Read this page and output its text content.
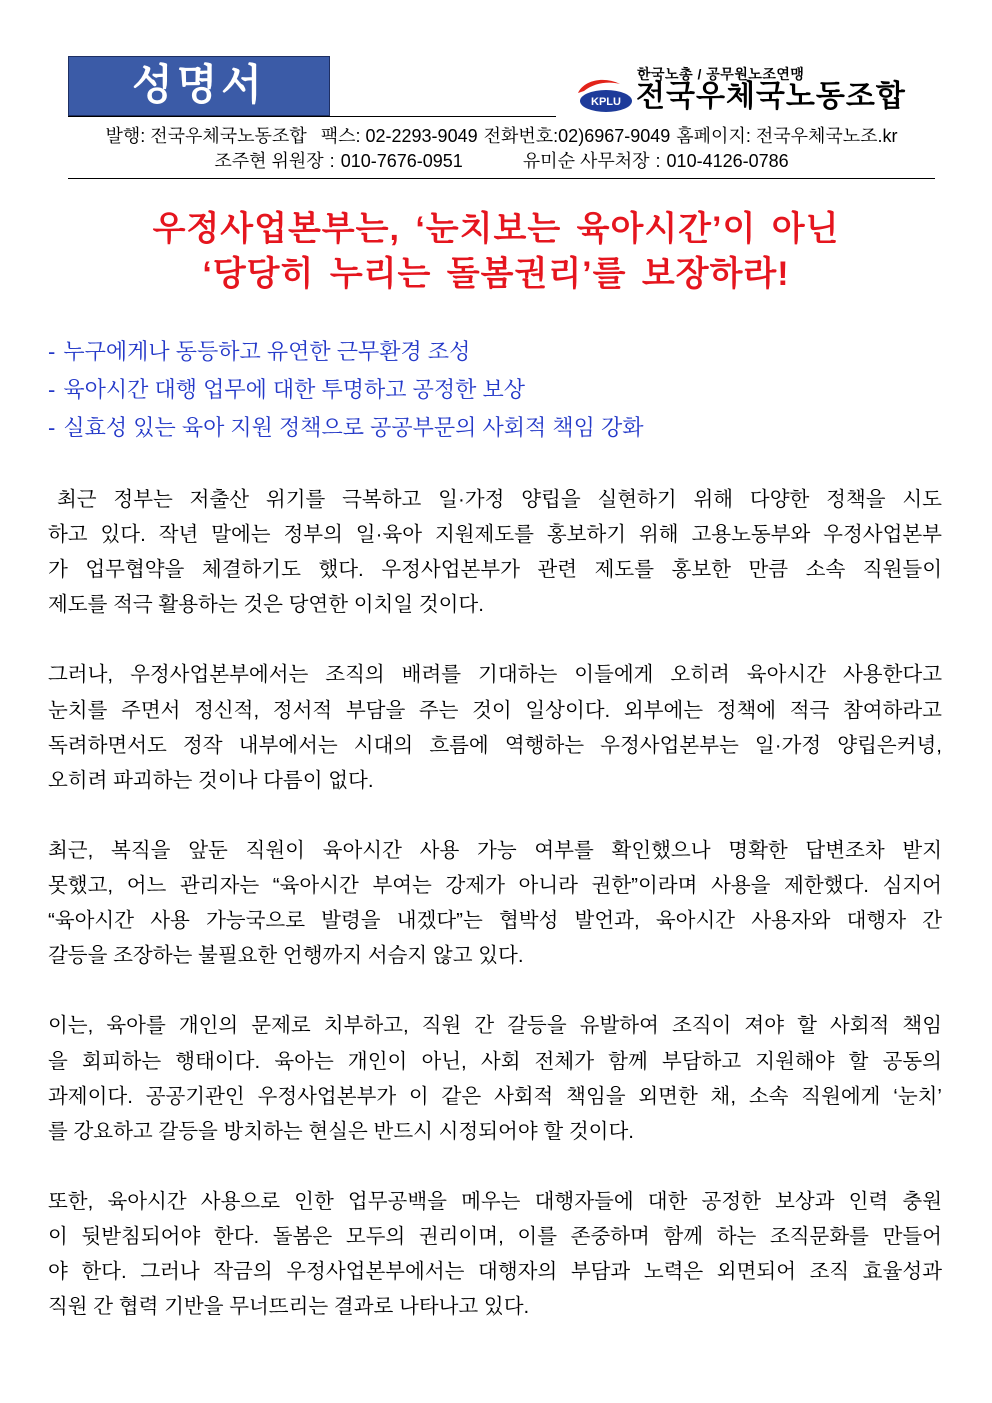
성명서	KPLU
한국노총 / 공무원노조연맹
전국우체국노동조합
발행: 전국우체국노동조합 팩스: 02-2293-9049 전화번호: 02)6967-9049 홈페이지: 전국우체국노조.kr
조주현 위원장 : 010-7676-0951	유미순 사무처장 : 010-4126-0786
우정사업본부는, ‘눈치보는 육아시간’이 아닌
‘당당히 누리는 돌봄권리’를 보장하라!
- 누구에게나 동등하고 유연한 근무환경 조성
- 육아시간 대행 업무에 대한 투명하고 공정한 보상
- 실효성 있는 육아 지원 정책으로 공공부문의 사회적 책임 강화
최근 정부는 저출산 위기를 극복하고 일·가정 양립을 실현하기 위해 다양한 정책을 시도
하고 있다. 작년 말에는 정부의 일·육아 지원제도를 홍보하기 위해 고용노동부와 우정사업본부
가 업무협약을 체결하기도 했다. 우정사업본부가 관련 제도를 홍보한 만큼 소속 직원들이
제도를 적극 활용하는 것은 당연한 이치일 것이다.
그러나, 우정사업본부에서는 조직의 배려를 기대하는 이들에게 오히려 육아시간 사용한다고
눈치를 주면서 정신적, 정서적 부담을 주는 것이 일상이다. 외부에는 정책에 적극 참여하라고
독려하면서도 정작 내부에서는 시대의 흐름에 역행하는 우정사업본부는 일·가정 양립은커녕,
오히려 파괴하는 것이나 다름이 없다.
최근, 복직을 앞둔 직원이 육아시간 사용 가능 여부를 확인했으나 명확한 답변조차 받지
못했고, 어느 관리자는 “육아시간 부여는 강제가 아니라 권한”이라며 사용을 제한했다. 심지어
“육아시간 사용 가능국으로 발령을 내겠다”는 협박성 발언과, 육아시간 사용자와 대행자 간
갈등을 조장하는 불필요한 언행까지 서슴지 않고 있다.
이는, 육아를 개인의 문제로 치부하고, 직원 간 갈등을 유발하여 조직이 져야 할 사회적 책임
을 회피하는 행태이다. 육아는 개인이 아닌, 사회 전체가 함께 부담하고 지원해야 할 공동의
과제이다. 공공기관인 우정사업본부가 이 같은 사회적 책임을 외면한 채, 소속 직원에게 ‘눈치’
를 강요하고 갈등을 방치하는 현실은 반드시 시정되어야 할 것이다.
또한, 육아시간 사용으로 인한 업무공백을 메우는 대행자들에 대한 공정한 보상과 인력 충원
이 뒷받침되어야 한다. 돌봄은 모두의 권리이며, 이를 존중하며 함께 하는 조직문화를 만들어
야 한다. 그러나 작금의 우정사업본부에서는 대행자의 부담과 노력은 외면되어 조직 효율성과
직원 간 협력 기반을 무너뜨리는 결과로 나타나고 있다.
